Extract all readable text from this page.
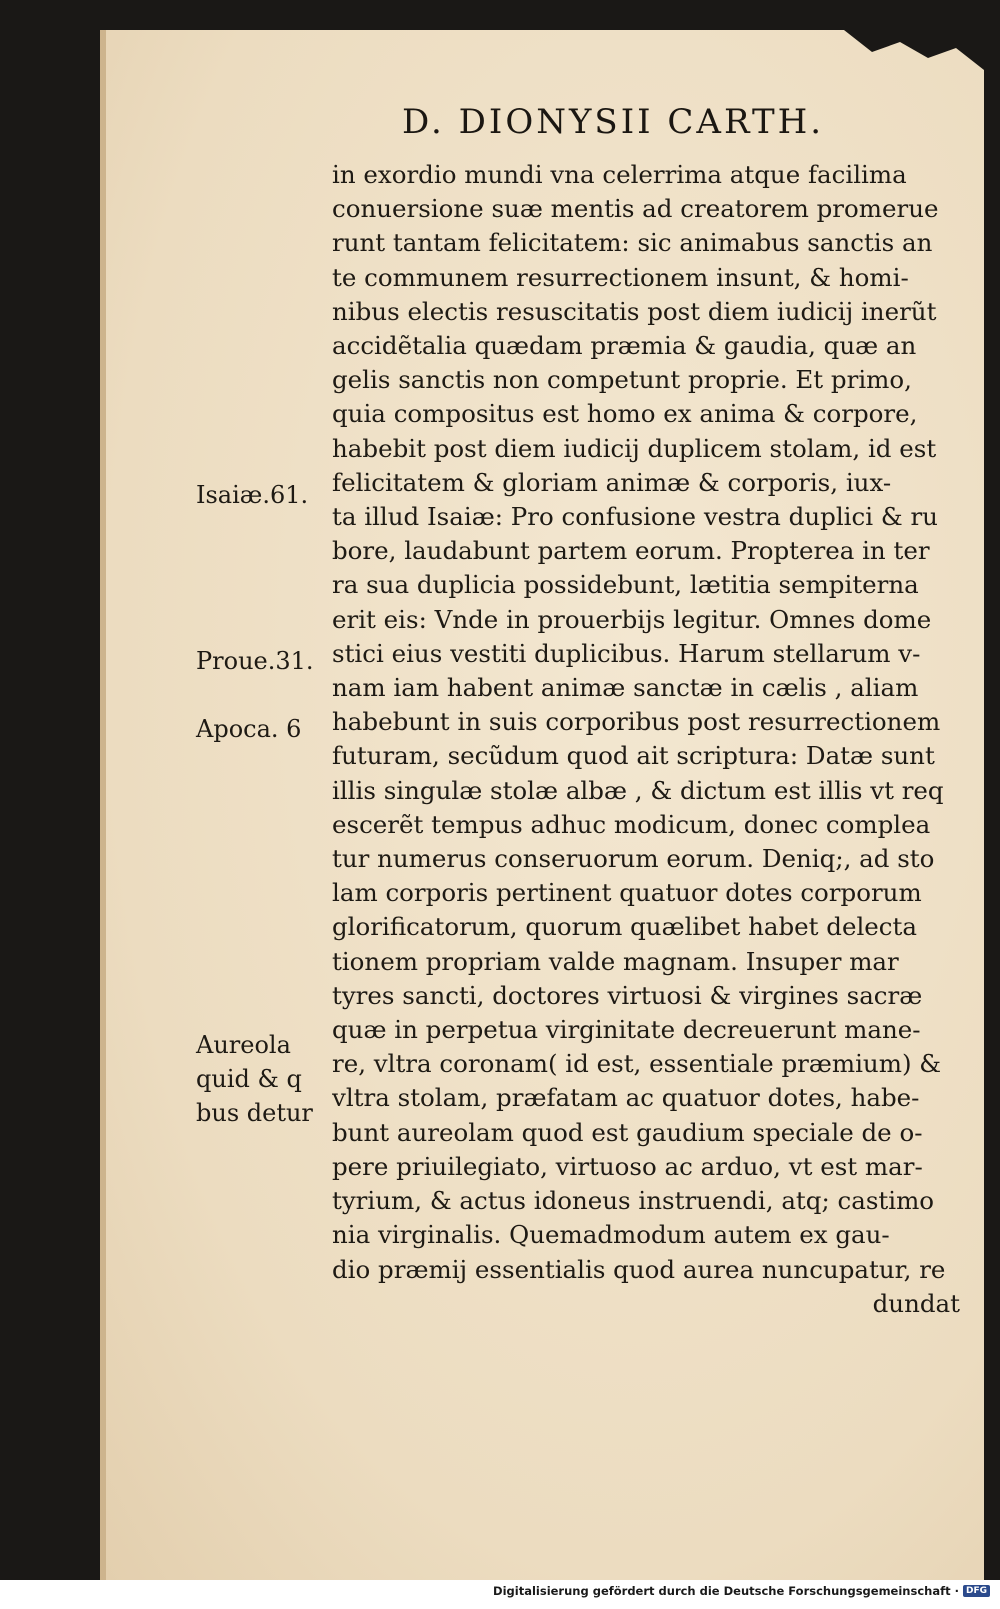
D. DIONYSII CARTH.
Isaiæ.61.
Proue.31.
Apoca. 6
Aureola quid & q bus detur
in exordio mundi vna celerrima atque facilima
conuersione suæ mentis ad creatorem promerue
runt tantam felicitatem: sic animabus sanctis an
te communem resurrectionem insunt, & homi-
nibus electis resuscitatis post diem iudicij inerũt
accidẽtalia quædam præmia & gaudia, quæ an
gelis sanctis non competunt proprie. Et primo,
quia compositus est homo ex anima & corpore,
habebit post diem iudicij duplicem stolam, id est
felicitatem & gloriam animæ & corporis, iux-
ta illud Isaiæ: Pro confusione vestra duplici & ru
bore, laudabunt partem eorum. Propterea in ter
ra sua duplicia possidebunt, lætitia sempiterna
erit eis: Vnde in prouerbijs legitur. Omnes dome
stici eius vestiti duplicibus. Harum stellarum v-
nam iam habent animæ sanctæ in cælis , aliam
habebunt in suis corporibus post resurrectionem
futuram, secũdum quod ait scriptura: Datæ sunt
illis singulæ stolæ albæ , & dictum est illis vt req
escerẽt tempus adhuc modicum, donec complea
tur numerus conseruorum eorum. Deniq;, ad sto
lam corporis pertinent quatuor dotes corporum
glorificatorum, quorum quælibet habet delecta
tionem propriam valde magnam. Insuper mar
tyres sancti, doctores virtuosi & virgines sacræ
quæ in perpetua virginitate decreuerunt mane-
re, vltra coronam( id est, essentiale præmium) &
vltra stolam, præfatam ac quatuor dotes, habe-
bunt aureolam quod est gaudium speciale de o-
pere priuilegiato, virtuoso ac arduo, vt est mar-
tyrium, & actus idoneus instruendi, atq; castimo
nia virginalis. Quemadmodum autem ex gau-
dio præmij essentialis quod aurea nuncupatur, re
dundat
Digitalisierung gefördert durch die Deutsche Forschungsgemeinschaft · DFG
